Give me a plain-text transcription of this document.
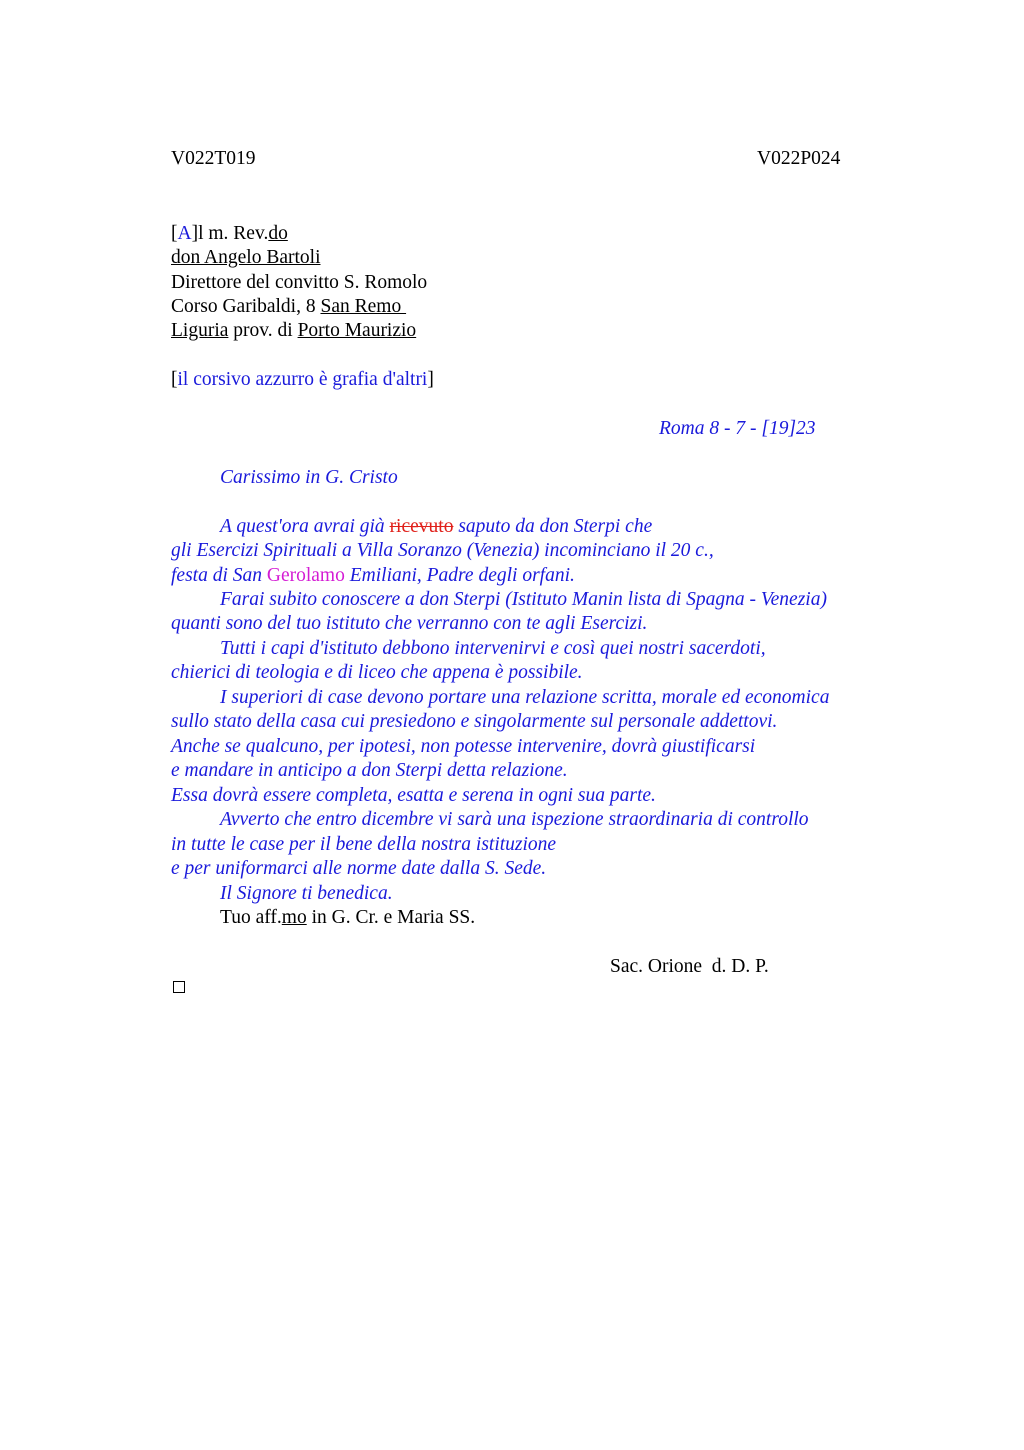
V022T019	V022P024
[A]l m. Rev.do
don Angelo Bartoli
Direttore del convitto S. Romolo
Corso Garibaldi, 8 San Remo
Liguria prov. di Porto Maurizio
[il corsivo azzurro è grafia d'altri]
Roma 8 - 7 - [19]23
Carissimo in G. Cristo
A quest'ora avrai già ricevuto saputo da don Sterpi che
gli Esercizi Spirituali a Villa Soranzo (Venezia) incominciano il 20 c.,
festa di San Gerolamo Emiliani, Padre degli orfani.
Farai subito conoscere a don Sterpi (Istituto Manin lista di Spagna - Venezia)
quanti sono del tuo istituto che verranno con te agli Esercizi.
Tutti i capi d'istituto debbono intervenirvi e così quei nostri sacerdoti,
chierici di teologia e di liceo che appena è possibile.
I superiori di case devono portare una relazione scritta, morale ed economica
sullo stato della casa cui presiedono e singolarmente sul personale addettovi.
Anche se qualcuno, per ipotesi, non potesse intervenire, dovrà giustificarsi
e mandare in anticipo a don Sterpi detta relazione.
Essa dovrà essere completa, esatta e serena in ogni sua parte.
Avverto che entro dicembre vi sarà una ispezione straordinaria di controllo
in tutte le case per il bene della nostra istituzione
e per uniformarci alle norme date dalla S. Sede.
Il Signore ti benedica.
Tuo aff.mo in G. Cr. e Maria SS.
Sac. Orione  d. D. P.
